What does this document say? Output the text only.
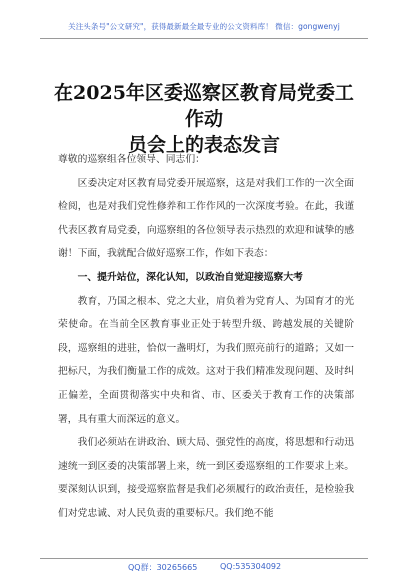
关注头条号"公文研究"，获得最新最全最专业的公文资料库！ 微信：gongwenyj
在2025年区委巡察区教育局党委工作动
员会上的表态发言

尊敬的巡察组各位领导、同志们：

区委决定对区教育局党委开展巡察，这是对我们工作的一次全面检阅，也是对我们党性修养和工作作风的一次深度考验。在此，我谨代表区教育局党委，向巡察组的各位领导表示热烈的欢迎和诚挚的感谢！下面，我就配合做好巡察工作，作如下表态：

一、提升站位，深化认知，以政治自觉迎接巡察大考

教育，乃国之根本、党之大业，肩负着为党育人、为国育才的光荣使命。在当前全区教育事业正处于转型升级、跨越发展的关键阶段，巡察组的进驻，恰似一盏明灯，为我们照亮前行的道路；又如一把标尺，为我们衡量工作的成效。这对于我们精准发现问题、及时纠正偏差，全面贯彻落实中央和省、市、区委关于教育工作的决策部署，具有重大而深远的意义。

我们必须站在讲政治、顾大局、强党性的高度，将思想和行动迅速统一到区委的决策部署上来，统一到区委巡察组的工作要求上来。要深刻认识到，接受巡察监督是我们必须履行的政治责任，是检验我们对党忠诚、对人民负责的重要标尺。我们绝不能

QQ群：30265665	QQ:535304092
